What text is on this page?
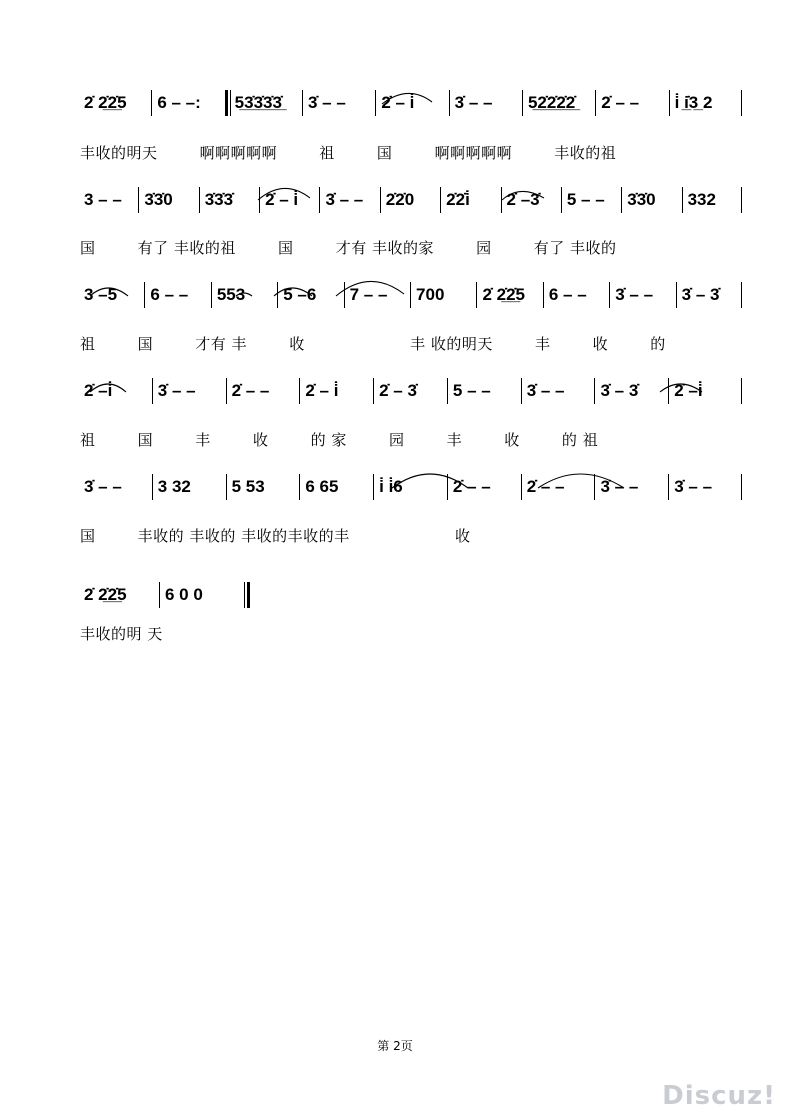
2̇ 2̲̇2̲̇5	6 – –:	5̲3̲̇3̲̇3̲̇3̲̇	3̇ – –	2̇ – i̇	3̇ – –	5̲2̲̇2̲̇2̲̇2̲̇	2̇ – –	i̇ i̲̇3̲ 2
丰收的明天        啊啊啊啊啊        祖        国        啊啊啊啊啊        丰收的祖
3 – –	3̇3̇0	3̇3̇3̇	2̇ – i̇	3̇ – –	2̇2̇0	2̇2̇i̇	2̇ –3̇	5 – –	3̇3̇0	332
国        有了 丰收的祖        国        才有 丰收的家        园        有了 丰收的
3 –5	6 – –	553	5 –6	7 – –	700	2̇ 2̲̇2̲̇5	6 – –	3̇ – –	3̇ – 3̇
祖        国        才有 丰        收                    丰 收的明天        丰        收        的
2̇ –i̇	3̇ – –	2̇ – –	2̇ – i̇	2̇ – 3̇	5 – –	3̇ – –	3̇ – 3̇	2̇ –i̇
祖        国        丰        收        的 家        园        丰        收        的 祖
3̇ – –	3 32	5 53	6 65	i̇ i̇6	2̇ – –	2̇ – –	3̇ – –	3̇ – –
国        丰收的 丰收的 丰收的丰收的丰                    收
2̇ 2̲̇2̲̇5	6 0 0
丰收的明 天
第 2页
Discuz!
